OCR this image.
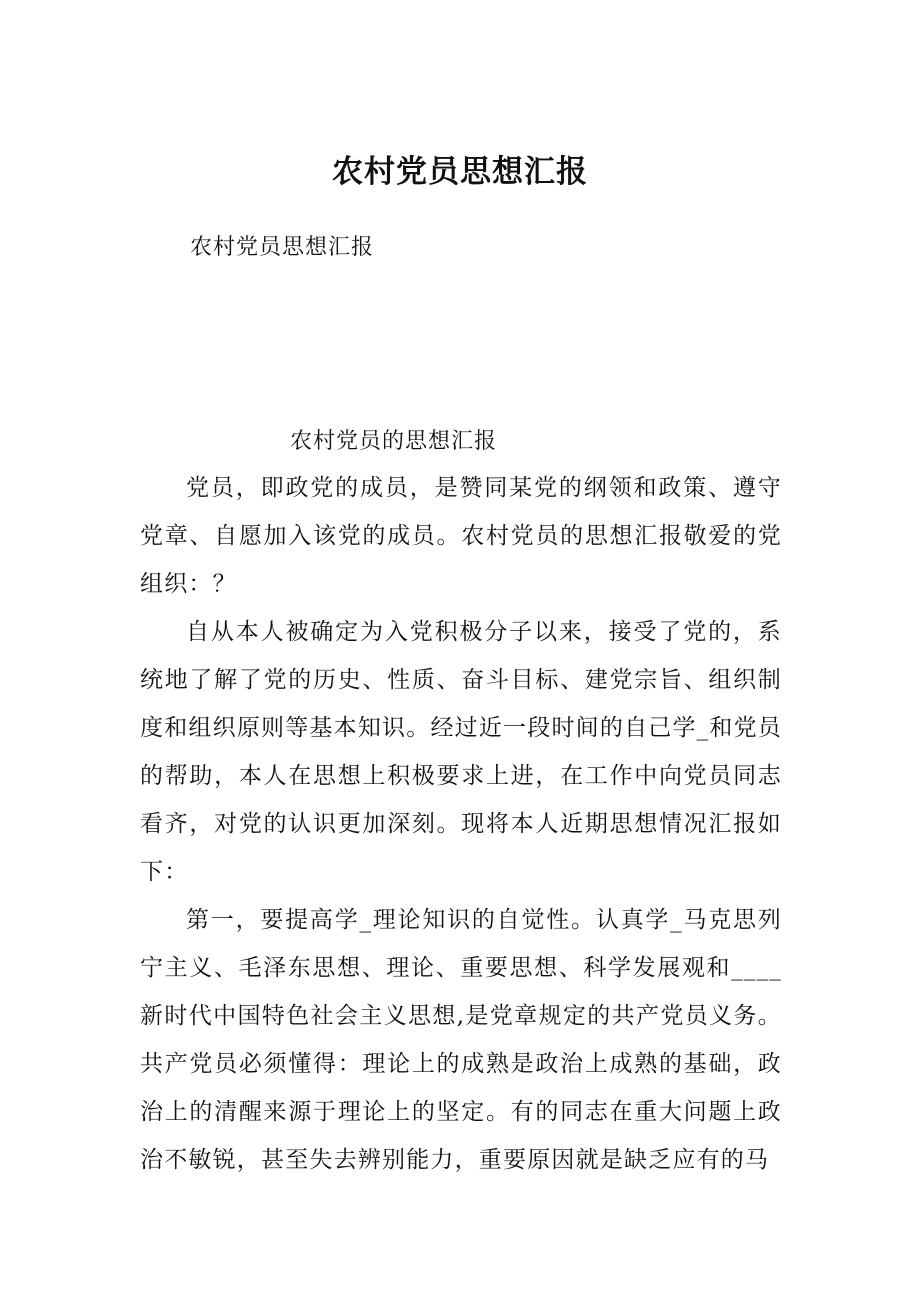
农村党员思想汇报
农村党员思想汇报
农村党员的思想汇报

党员，即政党的成员，是赞同某党的纲领和政策、遵守党章、自愿加入该党的成员。农村党员的思想汇报敬爱的党组织：？

自从本人被确定为入党积极分子以来，接受了党的，系统地了解了党的历史、性质、奋斗目标、建党宗旨、组织制度和组织原则等基本知识。经过近一段时间的自己学_和党员的帮助，本人在思想上积极要求上进，在工作中向党员同志看齐，对党的认识更加深刻。现将本人近期思想情况汇报如下：

第一，要提高学_理论知识的自觉性。认真学_马克思列宁主义、毛泽东思想、理论、重要思想、科学发展观和____新时代中国特色社会主义思想,是党章规定的共产党员义务。共产党员必须懂得：理论上的成熟是政治上成熟的基础，政治上的清醒来源于理论上的坚定。有的同志在重大问题上政治不敏锐，甚至失去辨别能力，重要原因就是缺乏应有的马
